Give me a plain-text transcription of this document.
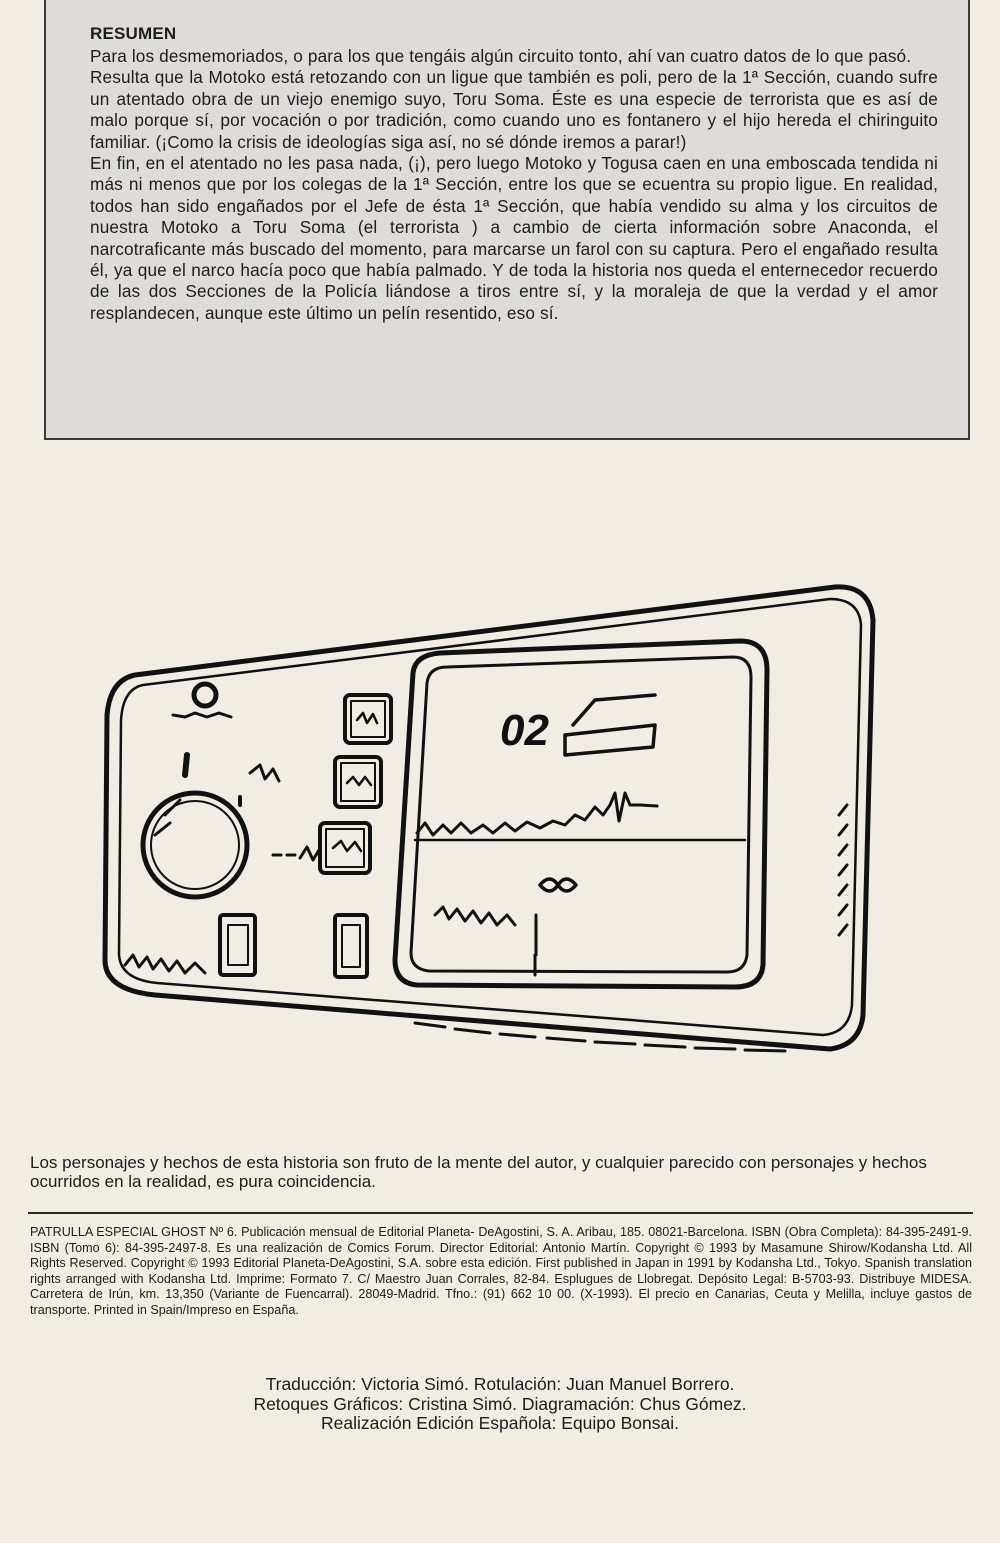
RESUMEN

Para los desmemoriados, o para los que tengáis algún circuito tonto, ahí van cuatro datos de lo que pasó.

Resulta que la Motoko está retozando con un ligue que también es poli, pero de la 1ª Sección, cuando sufre un atentado obra de un viejo enemigo suyo, Toru Soma. Éste es una especie de terrorista que es así de malo porque sí, por vocación o por tradición, como cuando uno es fontanero y el hijo hereda el chiringuito familiar. (¡Como la crisis de ideologías siga así, no sé dónde iremos a parar!)

En fin, en el atentado no les pasa nada, (¡), pero luego Motoko y Togusa caen en una emboscada tendida ni más ni menos que por los colegas de la 1ª Sección, entre los que se ecuentra su propio ligue. En realidad, todos han sido engañados por el Jefe de ésta 1ª Sección, que había vendido su alma y los circuitos de nuestra Motoko a Toru Soma (el terrorista ) a cambio de cierta información sobre Anaconda, el narcotraficante más buscado del momento, para marcarse un farol con su captura. Pero el engañado resulta él, ya que el narco hacía poco que había palmado. Y de toda la historia nos queda el enternecedor recuerdo de las dos Secciones de la Policía liándose a tiros entre sí, y la moraleja de que la verdad y el amor resplandecen, aunque este último un pelín resentido, eso sí.

02

Los personajes y hechos de esta historia son fruto de la mente del autor, y cualquier parecido con personajes y hechos ocurridos en la realidad, es pura coincidencia.

PATRULLA ESPECIAL GHOST Nº 6. Publicación mensual de Editorial Planeta- DeAgostini, S. A. Aribau, 185. 08021-Barcelona. ISBN (Obra Completa): 84-395-2491-9. ISBN (Tomo 6): 84-395-2497-8. Es una realización de Comics Forum. Director Editorial: Antonio Martín. Copyright © 1993 by Masamune Shirow/Kodansha Ltd. All Rights Reserved. Copyright © 1993 Editorial Planeta-DeAgostini, S.A. sobre esta edición. First published in Japan in 1991 by Kodansha Ltd., Tokyo. Spanish translation rights arranged with Kodansha Ltd. Imprime: Formato 7. C/ Maestro Juan Corrales, 82-84. Esplugues de Llobregat. Depósito Legal: B-5703-93. Distribuye MIDESA. Carretera de Irún, km. 13,350 (Variante de Fuencarral). 28049-Madrid. Tfno.: (91) 662 10 00. (X-1993). El precio en Canarias, Ceuta y Melilla, incluye gastos de transporte. Printed in Spain/Impreso en España.

Traducción: Victoria Simó. Rotulación: Juan Manuel Borrero.
Retoques Gráficos: Cristina Simó. Diagramación: Chus Gómez.
Realización Edición Española: Equipo Bonsai.
